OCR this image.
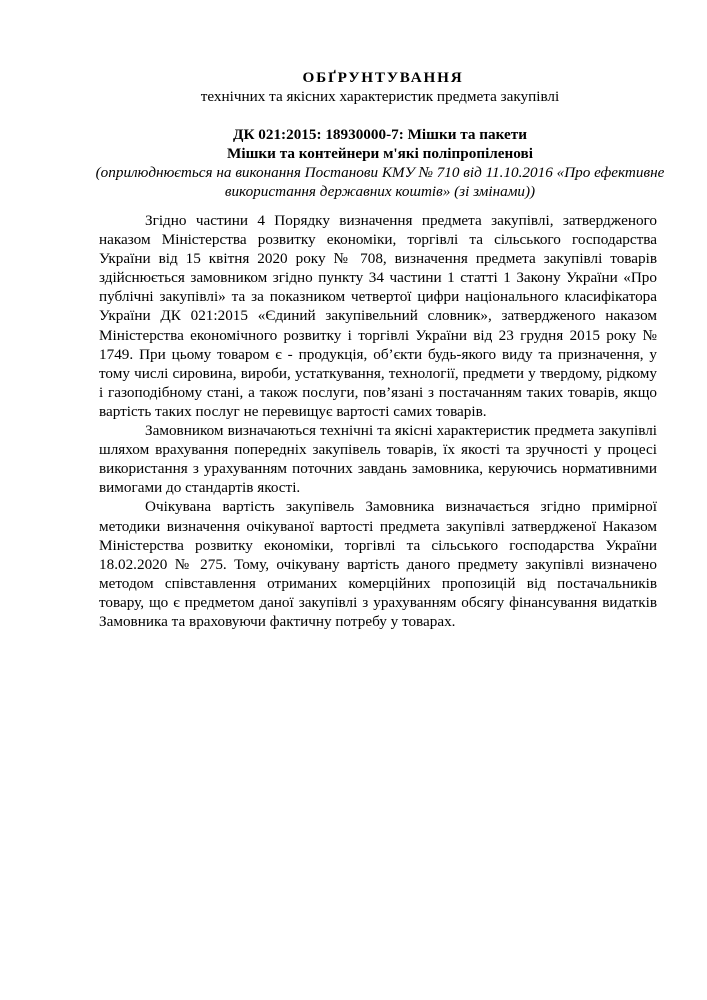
ОБҐРУНТУВАННЯ
технічних та якісних характеристик предмета закупівлі
ДК 021:2015: 18930000-7: Мішки та пакети
Мішки та контейнери м'які поліпропіленові
(оприлюднюється на виконання Постанови КМУ № 710 від 11.10.2016 «Про ефективне використання державних коштів» (зі змінами))

Згідно частини 4 Порядку визначення предмета закупівлі, затвердженого наказом Міністерства розвитку економіки, торгівлі та сільського господарства України від 15 квітня 2020 року № 708, визначення предмета закупівлі товарів здійснюється замовником згідно пункту 34 частини 1 статті 1 Закону України «Про публічні закупівлі» та за показником четвертої цифри національного класифікатора України ДК 021:2015 «Єдиний закупівельний словник», затвердженого наказом Міністерства економічного розвитку і торгівлі України від 23 грудня 2015 року № 1749. При цьому товаром є - продукція, об’єкти будь-якого виду та призначення, у тому числі сировина, вироби, устаткування, технології, предмети у твердому, рідкому і газоподібному стані, а також послуги, пов’язані з постачанням таких товарів, якщо вартість таких послуг не перевищує вартості самих товарів.

Замовником визначаються технічні та якісні характеристик предмета закупівлі шляхом врахування попередніх закупівель товарів, їх якості та зручності у процесі використання з урахуванням поточних завдань замовника, керуючись нормативними вимогами до стандартів якості.

Очікувана вартість закупівель Замовника визначається згідно примірної методики визначення очікуваної вартості предмета закупівлі затвердженої Наказом Міністерства розвитку економіки, торгівлі та сільського господарства України 18.02.2020 № 275. Тому, очікувану вартість даного предмету закупівлі визначено методом співставлення отриманих комерційних пропозицій від постачальників товару, що є предметом даної закупівлі з урахуванням обсягу фінансування видатків Замовника та враховуючи фактичну потребу у товарах.
